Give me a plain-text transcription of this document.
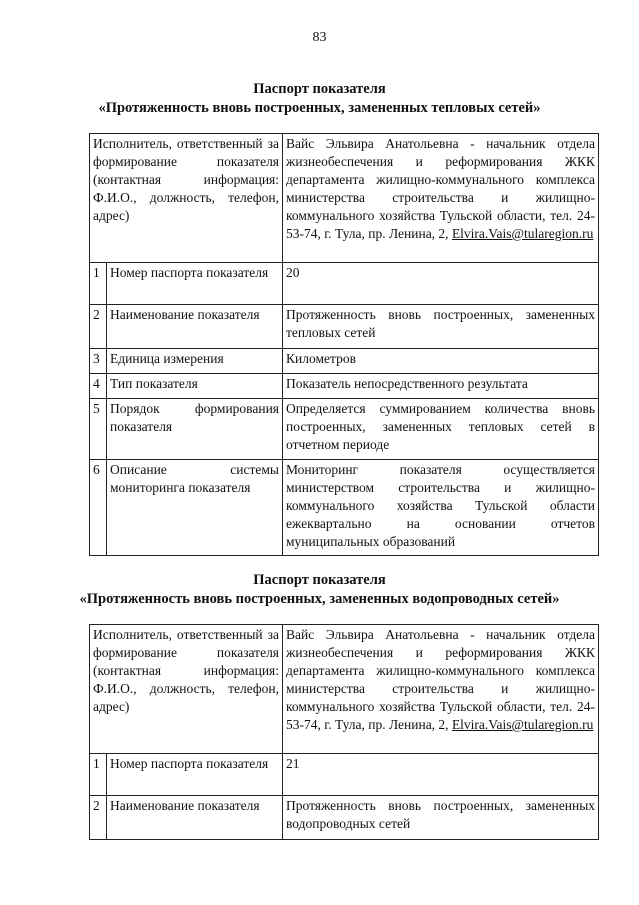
83
Паспорт показателя
«Протяженность вновь построенных, замененных тепловых сетей»
Исполнитель, ответственный за формирование показателя (контактная информация: Ф.И.О., должность, телефон, адрес)		Вайс Эльвира Анатольевна - начальник отдела жизнеобеспечения и реформирования ЖКК департамента жилищно-коммунального комплекса министерства строительства и жилищно-коммунального хозяйства Тульской области, тел. 24-53-74, г. Тула, пр. Ленина, 2, Elvira.Vais@tularegion.ru
1	Номер паспорта показателя	20
2	Наименование показателя	Протяженность вновь построенных, замененных тепловых сетей
3	Единица измерения	Километров
4	Тип показателя	Показатель непосредственного результата
5	Порядок формирования показателя	Определяется суммированием количества вновь построенных, замененных тепловых сетей в отчетном периоде
6	Описание системы мониторинга показателя	Мониторинг показателя осуществляется министерством строительства и жилищно-коммунального хозяйства Тульской области ежеквартально на основании отчетов муниципальных образований
Паспорт показателя
«Протяженность вновь построенных, замененных водопроводных сетей»
Исполнитель, ответственный за формирование показателя (контактная информация: Ф.И.О., должность, телефон, адрес)		Вайс Эльвира Анатольевна - начальник отдела жизнеобеспечения и реформирования ЖКК департамента жилищно-коммунального комплекса министерства строительства и жилищно-коммунального хозяйства Тульской области, тел. 24-53-74, г. Тула, пр. Ленина, 2, Elvira.Vais@tularegion.ru
1	Номер паспорта показателя	21
2	Наименование показателя	Протяженность вновь построенных, замененных водопроводных сетей
